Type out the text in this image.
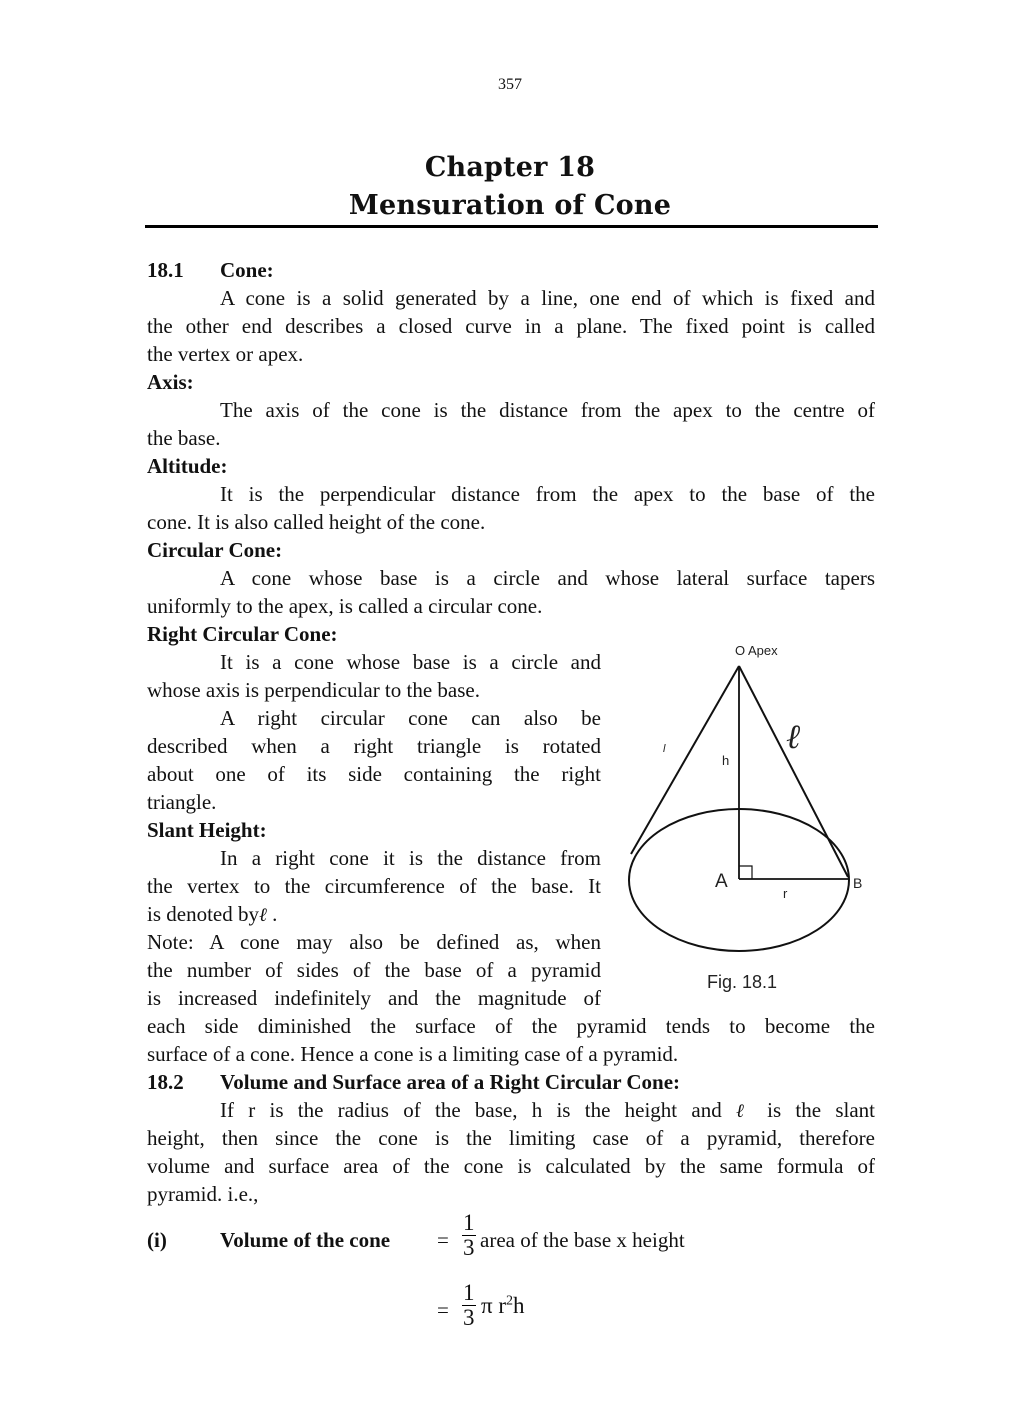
357
Chapter 18
Mensuration of Cone
18.1 Cone:
A cone is a solid generated by a line, one end of which is fixed and
the other end describes a closed curve in a plane. The fixed point is called
the vertex or apex.
Axis:
The axis of the cone is the distance from the apex to the centre of
the base.
Altitude:
It is the perpendicular distance from the apex to the base of the
cone. It is also called height of the cone.
Circular Cone:
A cone whose base is a circle and whose lateral surface tapers
uniformly to the apex, is called a circular cone.
Right Circular Cone:
It is a cone whose base is a circle and
whose axis is perpendicular to the base.
A right circular cone can also be
described when a right triangle is rotated
about one of its side containing the right
triangle.
Slant Height:
In a right cone it is the distance from
the vertex to the circumference of the base. It
is denoted byℓ .
Note: A cone may also be defined as, when
the number of sides of the base of a pyramid
is increased indefinitely and the magnitude of
each side diminished the surface of the pyramid tends to become the
surface of a cone. Hence a cone is a limiting case of a pyramid.
18.2 Volume and Surface area of a Right Circular Cone:
If r is the radius of the base, h is the height and ℓ is the slant
height, then since the cone is the limiting case of a pyramid, therefore
volume and surface area of the cone is calculated by the same formula of
pyramid. i.e.,
(i)	Volume of the cone = $\frac{1}{3}$ area of the base x height
= $\frac{1}{3}$ π $r^2h$
O Apex
ℓ
l
h
A	B
r
Fig. 18.1
